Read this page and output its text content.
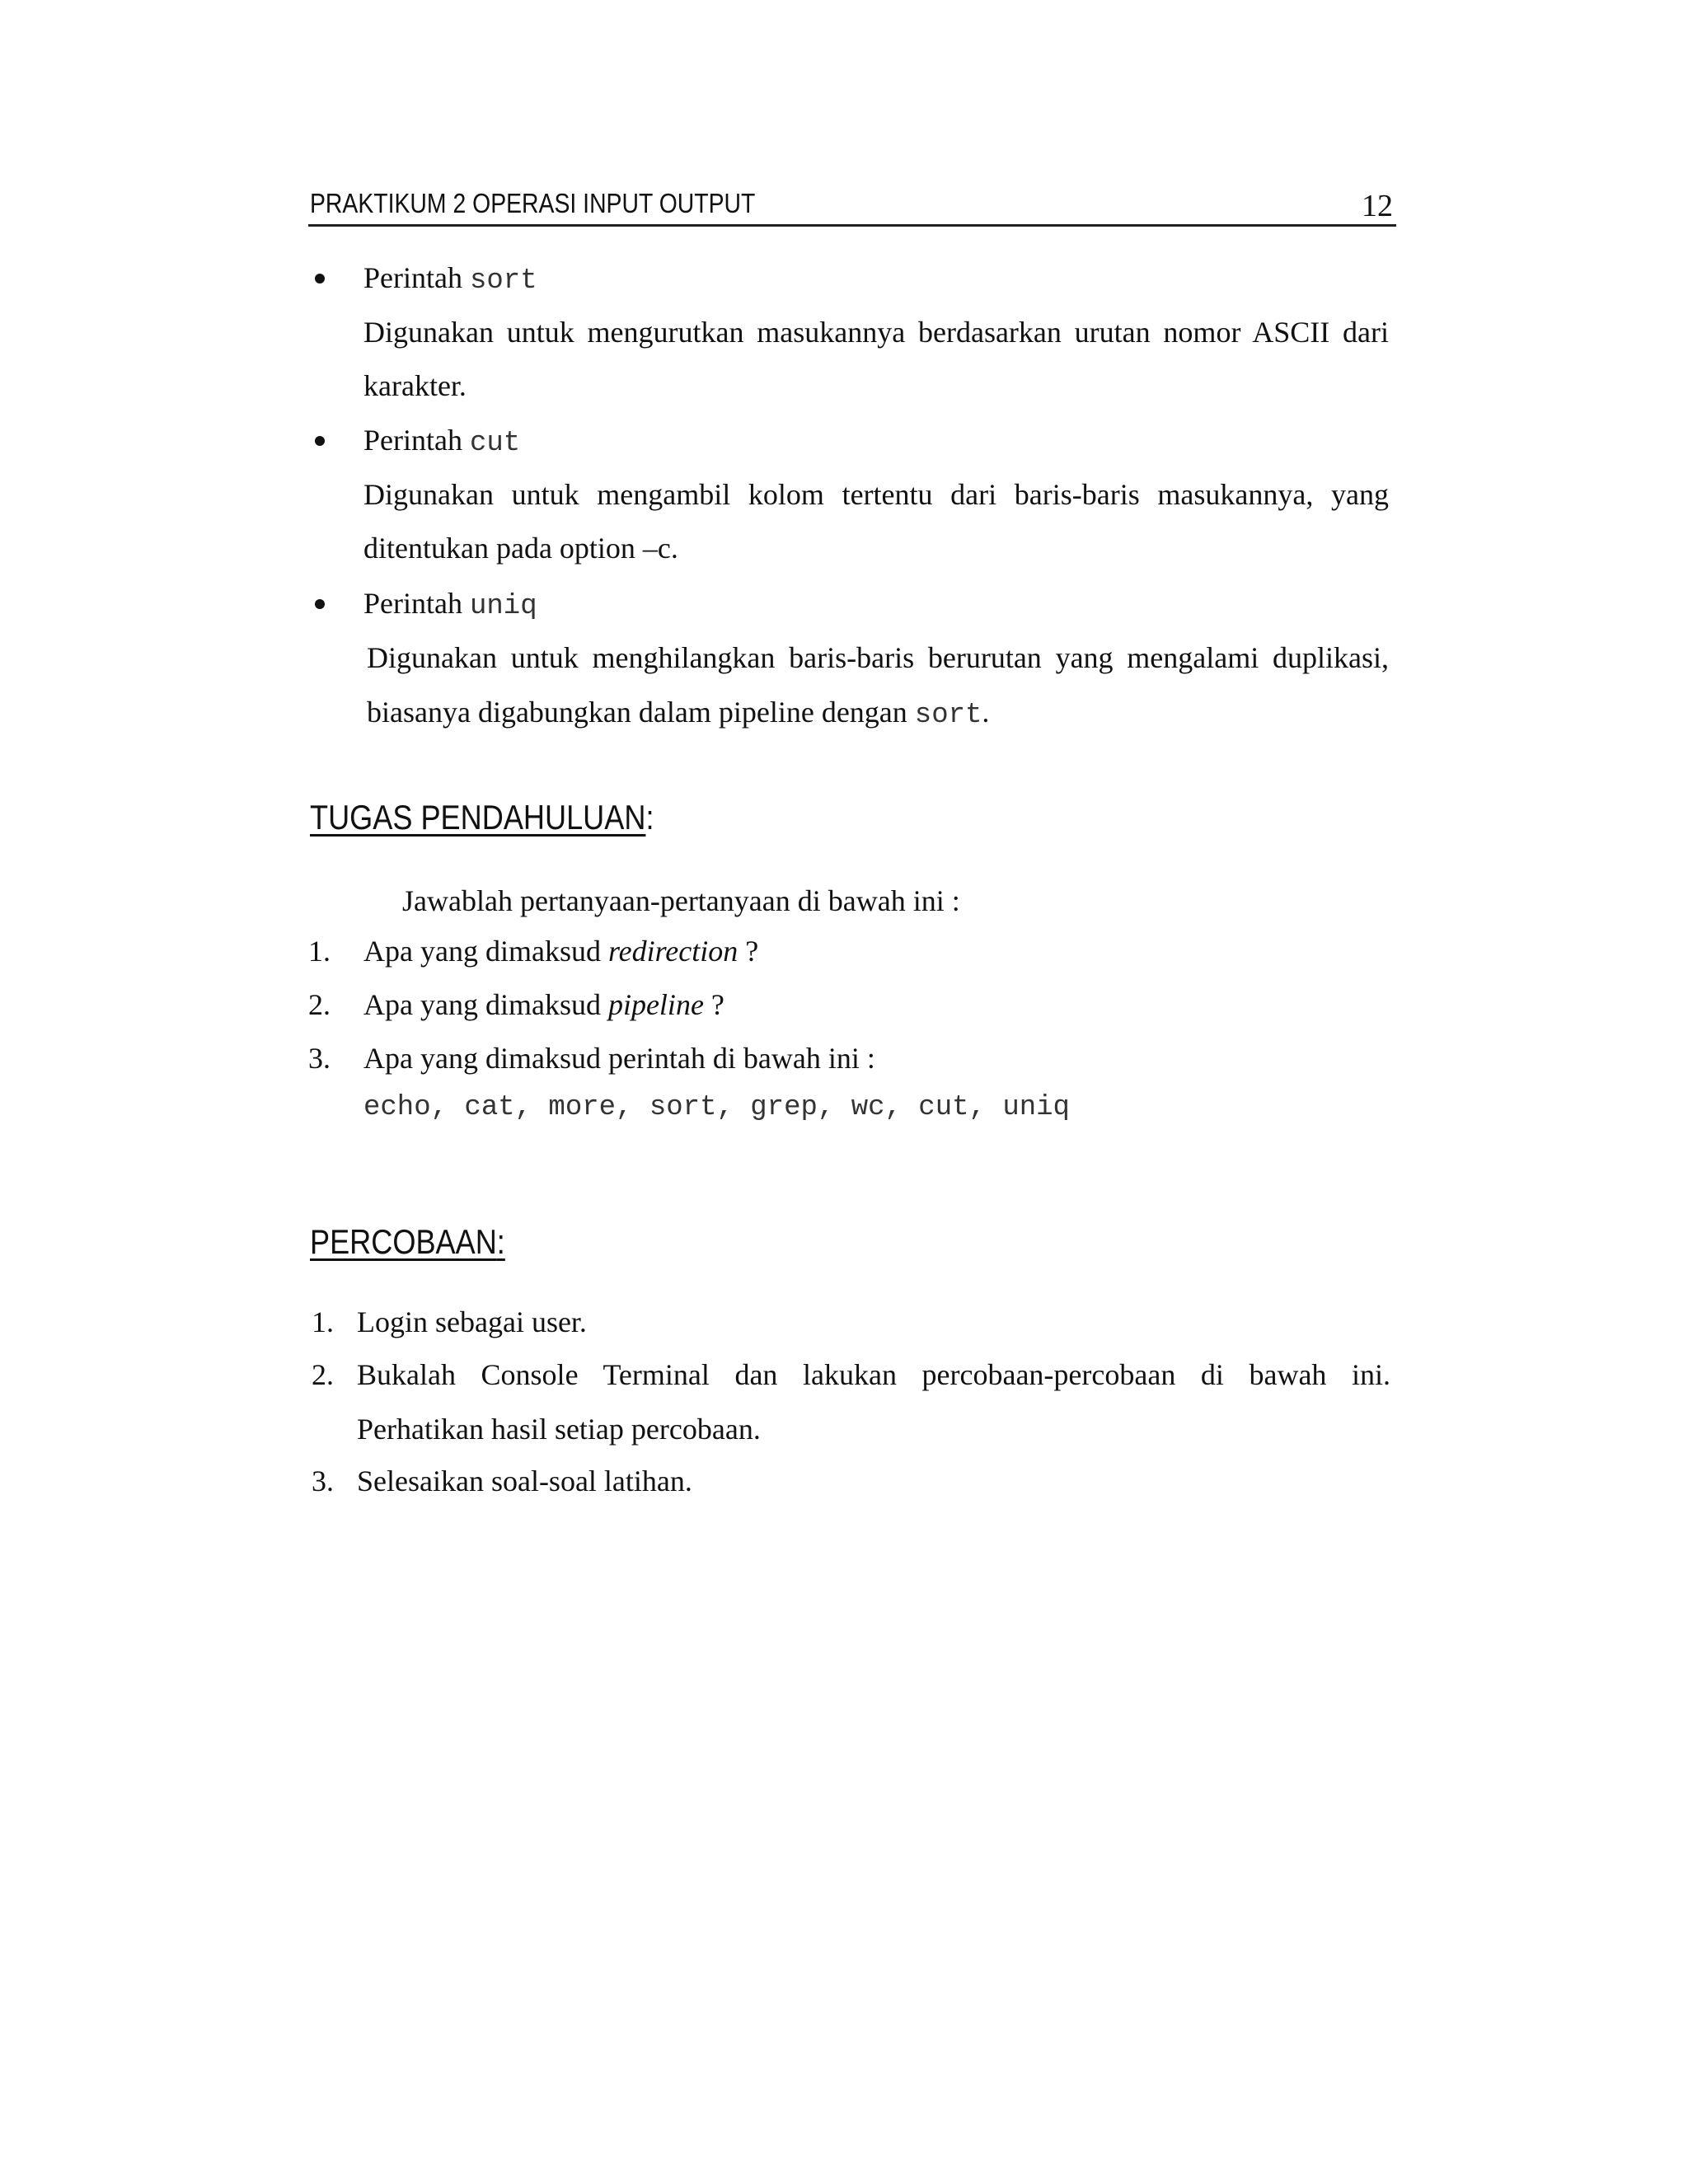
PRAKTIKUM 2 OPERASI INPUT OUTPUT	12
Perintah sort
Digunakan untuk mengurutkan masukannya berdasarkan urutan nomor ASCII dari
karakter.
Perintah cut
Digunakan untuk mengambil kolom tertentu dari baris-baris masukannya, yang
ditentukan pada option –c.
Perintah uniq
Digunakan untuk menghilangkan baris-baris berurutan yang mengalami duplikasi,
biasanya digabungkan dalam pipeline dengan sort.
TUGAS PENDAHULUAN:
Jawablah pertanyaan-pertanyaan di bawah ini :
1. Apa yang dimaksud redirection ?
2. Apa yang dimaksud pipeline ?
3. Apa yang dimaksud perintah di bawah ini :
echo, cat, more, sort, grep, wc, cut, uniq
PERCOBAAN:
1. Login sebagai user.
2. Bukalah Console Terminal dan lakukan percobaan-percobaan di bawah ini.
Perhatikan hasil setiap percobaan.
3. Selesaikan soal-soal latihan.
